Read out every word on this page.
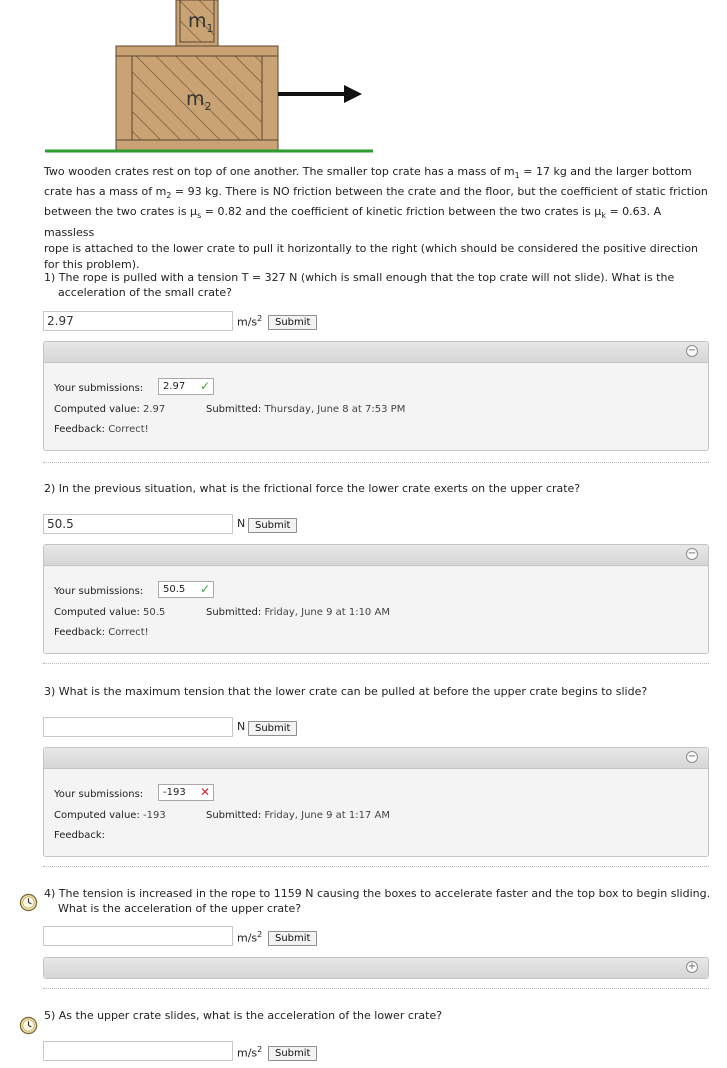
$m_1$
$m_2$
Two wooden crates rest on top of one another. The smaller top crate has a mass of $m_1 = 17$ kg and the larger bottom
crate has a mass of $m_2 = 93$ kg. There is NO friction between the crate and the floor, but the coefficient of static friction
between the two crates is $\mu_s = 0.82$ and the coefficient of kinetic friction between the two crates is $\mu_k = 0.63$. A massless
rope is attached to the lower crate to pull it horizontally to the right (which should be considered the positive direction
for this problem).
1) The rope is pulled with a tension T = 327 N (which is small enough that the top crate will not slide). What is the
acceleration of the small crate?
2.97
$m/s^2$	Submit
−
Your submissions:	2.97 ✓
Computed value: 2.97	Submitted: Thursday, June 8 at 7:53 PM
Feedback: Correct!
2) In the previous situation, what is the frictional force the lower crate exerts on the upper crate?
50.5
N Submit
−
Your submissions:	50.5 ✓
Computed value: 50.5	Submitted: Friday, June 9 at 1:10 AM
Feedback: Correct!
3) What is the maximum tension that the lower crate can be pulled at before the upper crate begins to slide?
N Submit
−
Your submissions:	-193 ✕
Computed value: -193	Submitted: Friday, June 9 at 1:17 AM
Feedback:
4) The tension is increased in the rope to 1159 N causing the boxes to accelerate faster and the top box to begin sliding.
What is the acceleration of the upper crate?
$m/s^2$	Submit
+
5) As the upper crate slides, what is the acceleration of the lower crate?
$m/s^2$	Submit
